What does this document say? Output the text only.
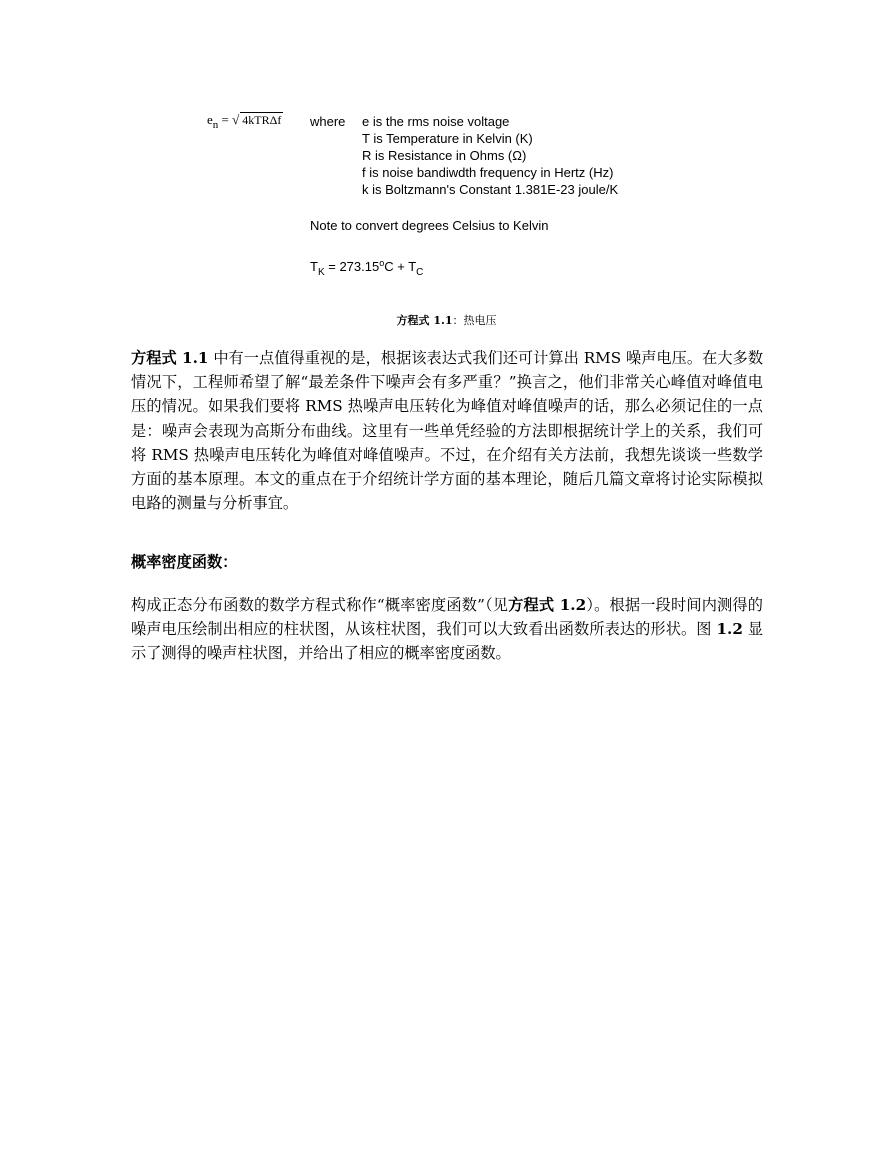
$e_n$ = √ 4kTRΔf where e is the rms noise voltage
T is Temperature in Kelvin (K)
R is Resistance in Ohms (Ω)
f is noise bandiwdth frequency in Hertz (Hz)
k is Boltzmann's Constant 1.381E-23 joule/K
Note to convert degrees Celsius to Kelvin
$T_K = 273.15^oC + T_C$
方程式 1.1：热电压
方程式 1.1 中有一点值得重视的是，根据该表达式我们还可计算出 RMS 噪声电压。在大多数情况下，工程师希望了解“最差条件下噪声会有多严重？”换言之，他们非常关心峰值对峰值电压的情况。如果我们要将 RMS 热噪声电压转化为峰值对峰值噪声的话，那么必须记住的一点是：噪声会表现为高斯分布曲线。这里有一些单凭经验的方法即根据统计学上的关系，我们可将 RMS 热噪声电压转化为峰值对峰值噪声。不过，在介绍有关方法前，我想先谈谈一些数学方面的基本原理。本文的重点在于介绍统计学方面的基本理论，随后几篇文章将讨论实际模拟电路的测量与分析事宜。
概率密度函数：
构成正态分布函数的数学方程式称作“概率密度函数”（见方程式 1.2）。根据一段时间内测得的噪声电压绘制出相应的柱状图，从该柱状图，我们可以大致看出函数所表达的形状。图 1.2 显示了测得的噪声柱状图，并给出了相应的概率密度函数。
